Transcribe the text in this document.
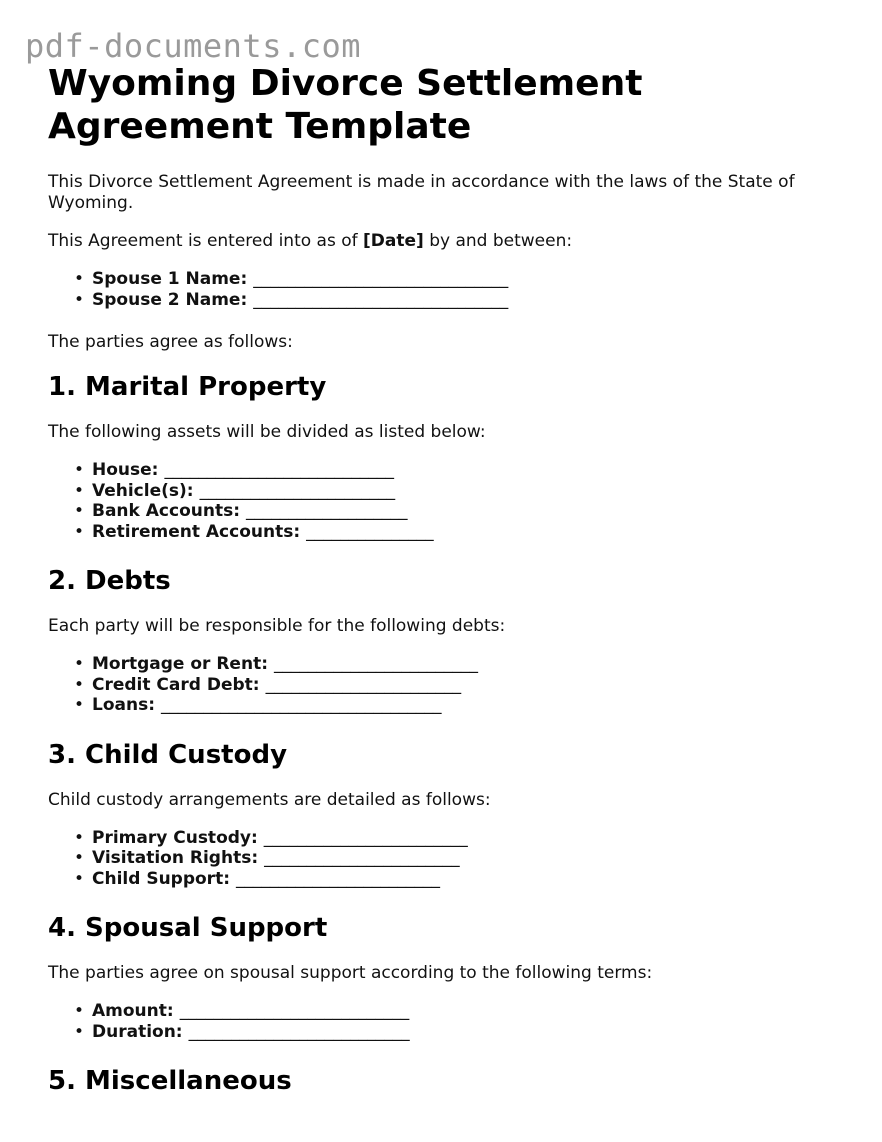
pdf-documents.com
Wyoming Divorce Settlement Agreement Template

This Divorce Settlement Agreement is made in accordance with the laws of the State of Wyoming.

This Agreement is entered into as of [Date] by and between:

• Spouse 1 Name: ______________________________
• Spouse 2 Name: ______________________________

The parties agree as follows:

1. Marital Property

The following assets will be divided as listed below:

• House: ___________________________
• Vehicle(s): _______________________
• Bank Accounts: ___________________
• Retirement Accounts: _______________
2. Debts

Each party will be responsible for the following debts:

• Mortgage or Rent: ________________________
• Credit Card Debt: _______________________
• Loans: _________________________________
3. Child Custody

Child custody arrangements are detailed as follows:

• Primary Custody: ________________________
• Visitation Rights: _______________________
• Child Support: ________________________
4. Spousal Support

The parties agree on spousal support according to the following terms:

• Amount: ___________________________
• Duration: __________________________
5. Miscellaneous
